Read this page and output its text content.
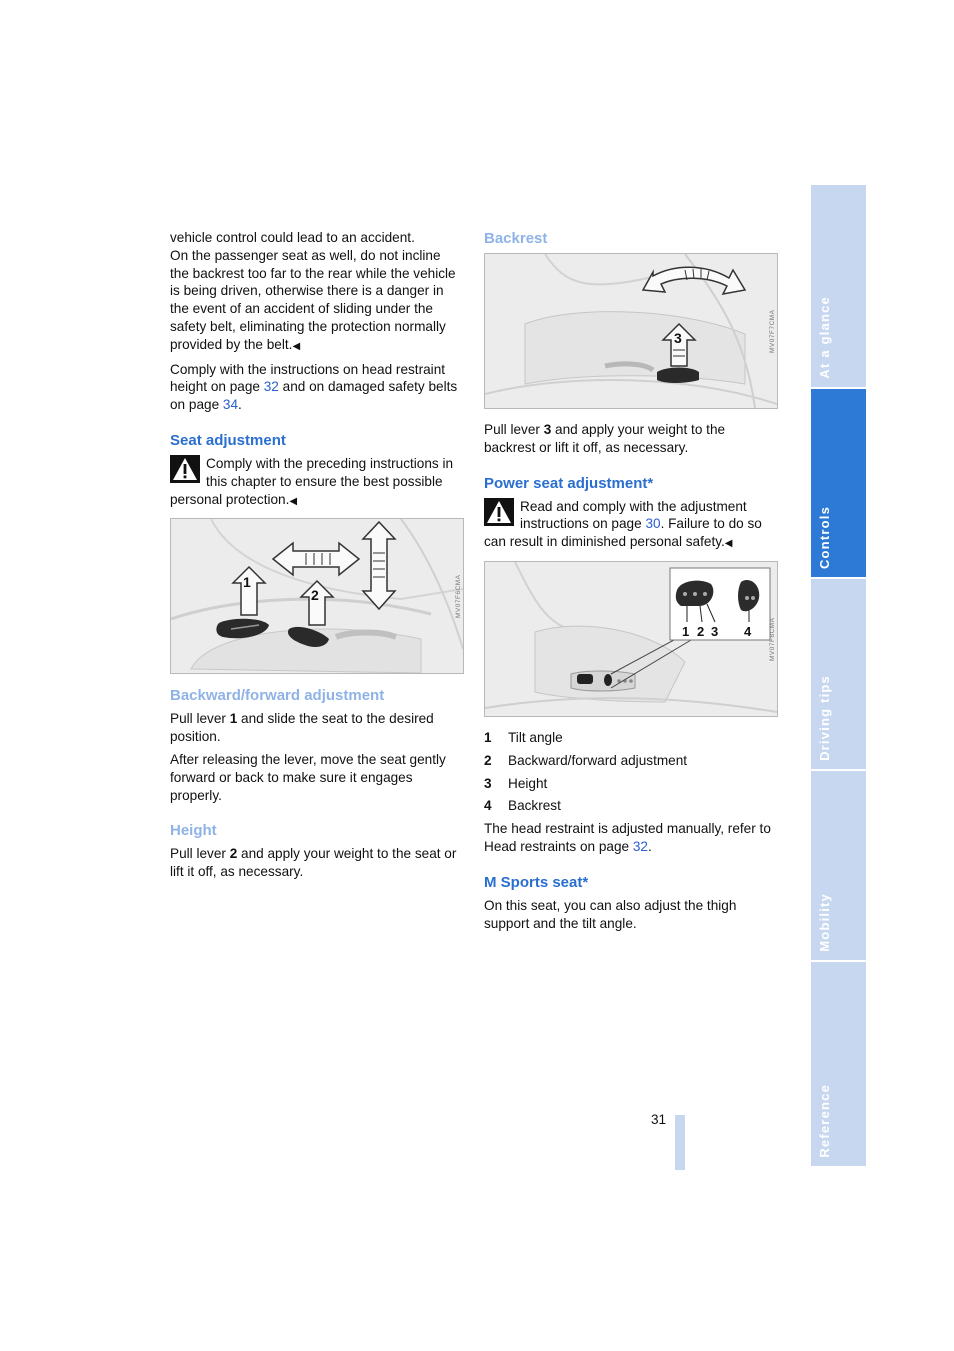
vehicle control could lead to an accident.

On the passenger seat as well, do not incline the backrest too far to the rear while the vehicle is being driven, otherwise there is a danger in the event of an accident of sliding under the safety belt, eliminating the protection normally provided by the belt.◀

Comply with the instructions on head restraint height on page 32 and on damaged safety belts on page 34.

Seat adjustment
Comply with the preceding instructions in this chapter to ensure the best possible personal protection.◀
1
2	MV07F6CMA
Backward/forward adjustment

Pull lever 1 and slide the seat to the desired position.

After releasing the lever, move the seat gently forward or back to make sure it engages properly.

Height

Pull lever 2 and apply your weight to the seat or lift it off, as necessary.

Backrest
3	MV07F7CMA

Pull lever 3 and apply your weight to the backrest or lift it off, as necessary.

Power seat adjustment*
Read and comply with the adjustment instructions on page 30. Failure to do so can result in diminished personal safety.◀
1 2 3 4	MV07F8CMA
1	Tilt angle
2	Backward/forward adjustment
3	Height
4	Backrest

The head restraint is adjusted manually, refer to Head restraints on page 32.

M Sports seat*

On this seat, you can also adjust the thigh support and the tilt angle.

At a glance
Controls
Driving tips
Mobility
Reference
31
